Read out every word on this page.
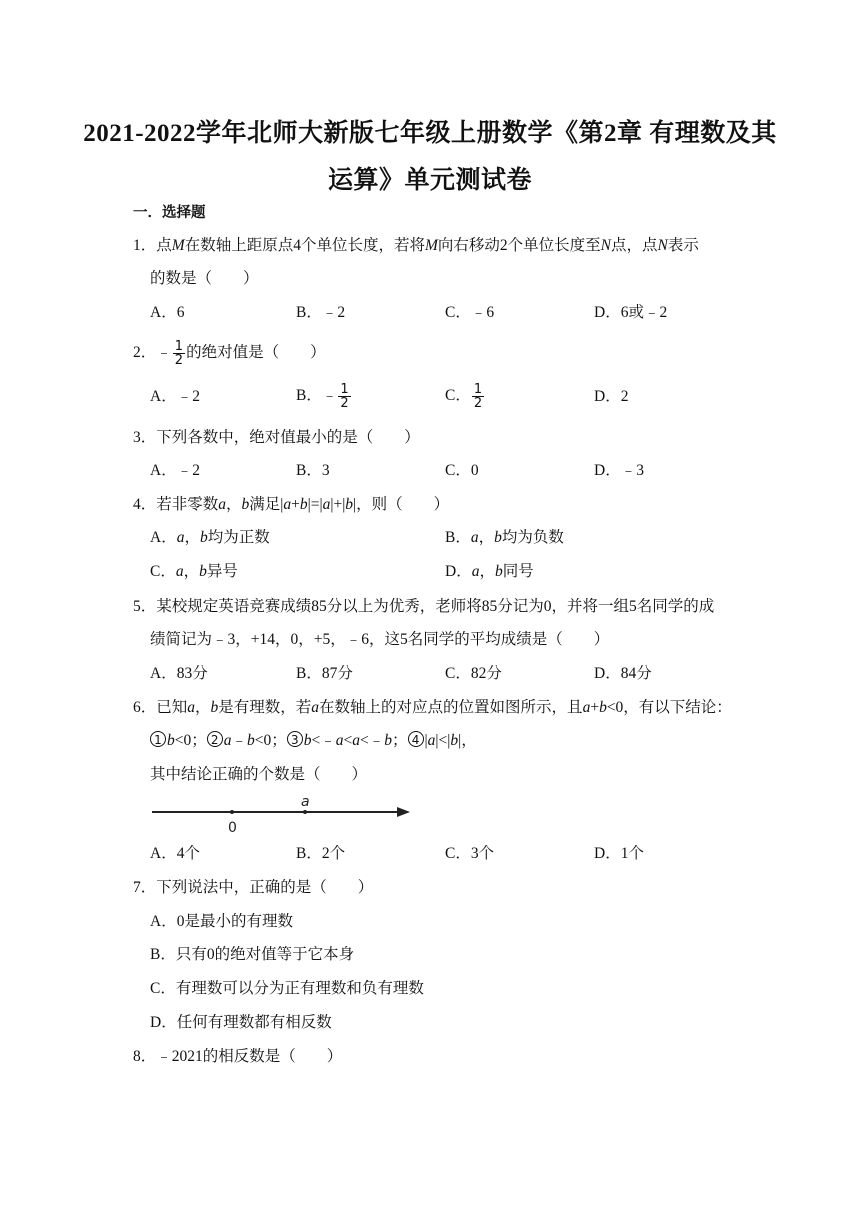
2021-2022学年北师大新版七年级上册数学《第2章 有理数及其
运算》单元测试卷
一．选择题
1．点M在数轴上距原点4个单位长度，若将M向右移动2个单位长度至N点，点N表示
的数是（　　）
A．6	B．﹣2	C．﹣6	D．6或﹣2
2．﹣ $\frac{1}{2}$ 的绝对值是（　　）
A．﹣2	B．﹣ $\frac{1}{2}$	C． $\frac{1}{2}$	D．2
3．下列各数中，绝对值最小的是（　　）
A．﹣2	B．3	C．0	D．﹣3
4．若非零数a，b满足|a+b|=|a|+|b|，则（　　）
A．a，b均为正数	B．a，b均为负数
C．a，b异号	D．a，b同号
5．某校规定英语竞赛成绩85分以上为优秀，老师将85分记为0，并将一组5名同学的成
绩简记为﹣3，+14，0，+5，﹣6，这5名同学的平均成绩是（　　）
A．83分	B．87分	C．82分	D．84分
6．已知a，b是有理数，若a在数轴上的对应点的位置如图所示，且a+b<0，有以下结论：
1 b<0； 2 a﹣b<0； 3 b<﹣a<a<﹣b； 4 |a|<|b|，
其中结论正确的个数是（　　）
0
a
A．4个	B．2个	C．3个	D．1个
7．下列说法中，正确的是（　　）
A．0是最小的有理数
B．只有0的绝对值等于它本身
C．有理数可以分为正有理数和负有理数
D．任何有理数都有相反数
8．﹣2021的相反数是（　　）
